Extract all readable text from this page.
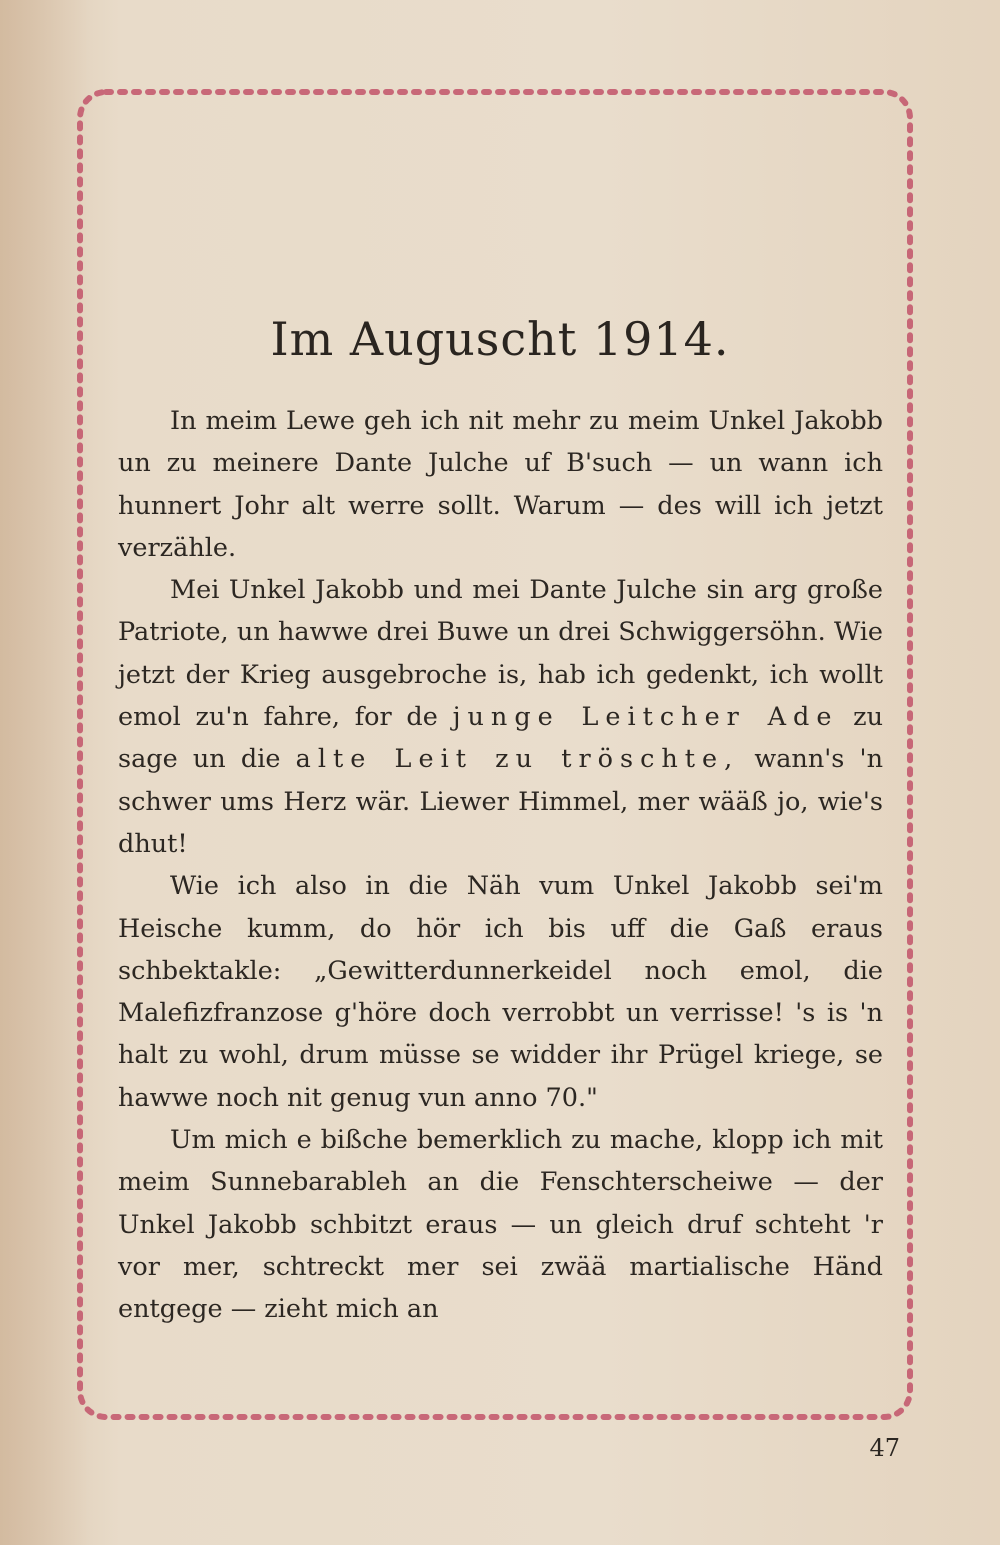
Im Auguscht 1914.

In meim Lewe geh ich nit mehr zu meim Unkel Jakobb un zu meinere Dante Julche uf B'such — un wann ich hunnert Johr alt werre sollt. Warum — des will ich jetzt verzähle.

Mei Unkel Jakobb und mei Dante Julche sin arg große Patriote, un hawwe drei Buwe un drei Schwiggersöhn. Wie jetzt der Krieg ausgebroche is, hab ich gedenkt, ich wollt emol zu'n fahre, for de junge Leitcher Ade zu sage un die alte Leit zu tröschte, wann's 'n schwer ums Herz wär. Liewer Himmel, mer wääß jo, wie's dhut!

Wie ich also in die Näh vum Unkel Jakobb sei'm Heische kumm, do hör ich bis uff die Gaß eraus schbektakle: „Gewitterdunnerkeidel noch emol, die Malefizfranzose g'höre doch verrobbt un verrisse! 's is 'n halt zu wohl, drum müsse se widder ihr Prügel kriege, se hawwe noch nit genug vun anno 70."

Um mich e bißche bemerklich zu mache, klopp ich mit meim Sunnebarableh an die Fenschterscheiwe — der Unkel Jakobb schbitzt eraus — un gleich druf schteht 'r vor mer, schtreckt mer sei zwää martialische Händ entgege — zieht mich an

47
